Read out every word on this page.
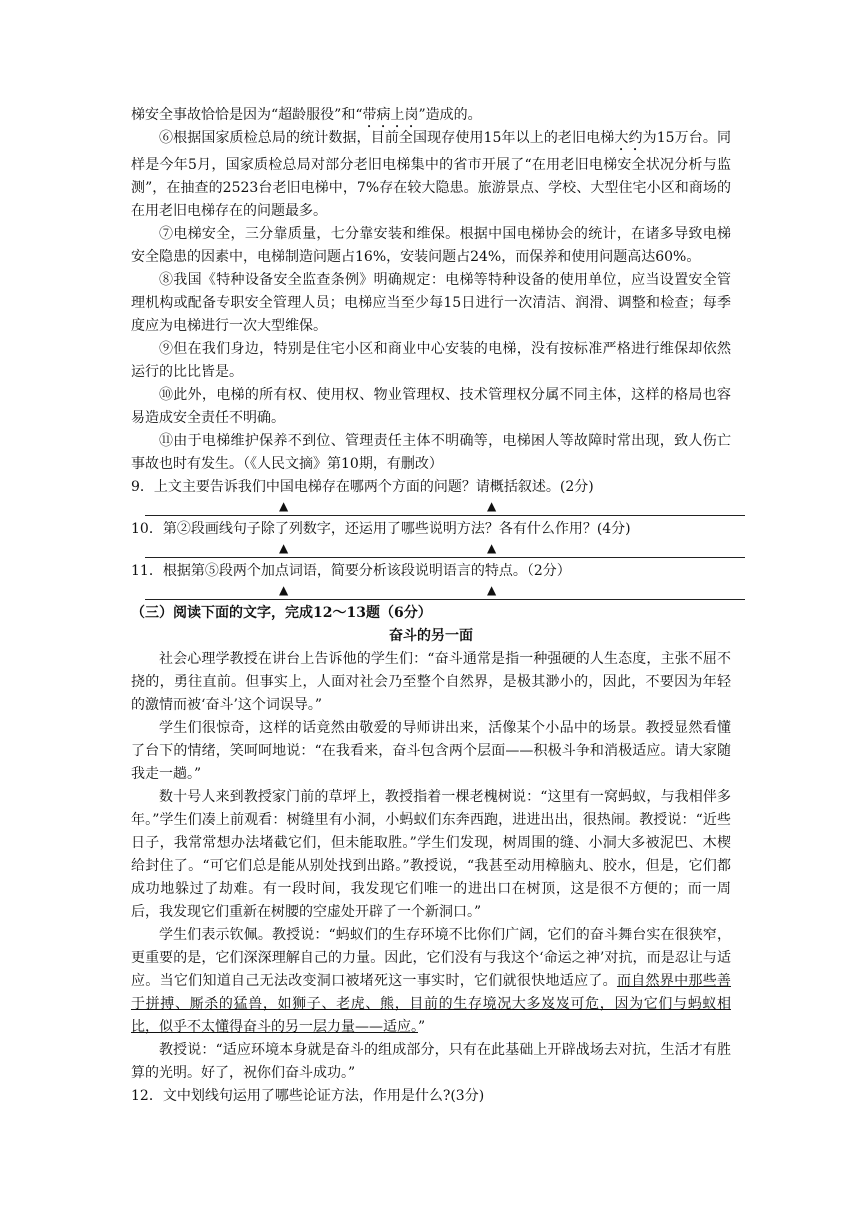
梯安全事故恰恰是因为“超龄服役”和“带病上岗”造成的。

⑥根据国家质检总局的统计数据，目前全国现存使用15年以上的老旧电梯大约为15万台。同样是今年5月，国家质检总局对部分老旧电梯集中的省市开展了“在用老旧电梯安全状况分析与监测”，在抽查的2523台老旧电梯中，7%存在较大隐患。旅游景点、学校、大型住宅小区和商场的在用老旧电梯存在的问题最多。

⑦电梯安全，三分靠质量，七分靠安装和维保。根据中国电梯协会的统计，在诸多导致电梯安全隐患的因素中，电梯制造问题占16%，安装问题占24%，而保养和使用问题高达60%。

⑧我国《特种设备安全监查条例》明确规定：电梯等特种设备的使用单位，应当设置安全管理机构或配备专职安全管理人员；电梯应当至少每15日进行一次清洁、润滑、调整和检查；每季度应为电梯进行一次大型维保。

⑨但在我们身边，特别是住宅小区和商业中心安装的电梯，没有按标准严格进行维保却依然运行的比比皆是。

⑩此外，电梯的所有权、使用权、物业管理权、技术管理权分属不同主体，这样的格局也容易造成安全责任不明确。

⑪由于电梯维护保养不到位、管理责任主体不明确等，电梯困人等故障时常出现，致人伤亡事故也时有发生。（《人民文摘》第10期，有删改）

9．上文主要告诉我们中国电梯存在哪两个方面的问题？请概括叙述。(2分)

▲	▲

10．第②段画线句子除了列数字，还运用了哪些说明方法？各有什么作用？(4分)

▲	▲

11．根据第⑤段两个加点词语，简要分析该段说明语言的特点。（2分）

▲	▲

（三）阅读下面的文字，完成12～13题（6分）

奋斗的另一面

社会心理学教授在讲台上告诉他的学生们：“奋斗通常是指一种强硬的人生态度，主张不屈不挠的，勇往直前。但事实上，人面对社会乃至整个自然界，是极其渺小的，因此，不要因为年轻的激情而被‘奋斗’这个词误导。”

学生们很惊奇，这样的话竟然由敬爱的导师讲出来，活像某个小品中的场景。教授显然看懂了台下的情绪，笑呵呵地说：“在我看来，奋斗包含两个层面——积极斗争和消极适应。请大家随我走一趟。”

数十号人来到教授家门前的草坪上，教授指着一棵老槐树说：“这里有一窝蚂蚁，与我相伴多年。”学生们凑上前观看：树缝里有小洞，小蚂蚁们东奔西跑，进进出出，很热闹。教授说：“近些日子，我常常想办法堵截它们，但未能取胜。”学生们发现，树周围的缝、小洞大多被泥巴、木楔给封住了。“可它们总是能从别处找到出路。”教授说，“我甚至动用樟脑丸、胶水，但是，它们都成功地躲过了劫难。有一段时间，我发现它们唯一的进出口在树顶，这是很不方便的；而一周后，我发现它们重新在树腰的空虚处开辟了一个新洞口。”

学生们表示钦佩。教授说：“蚂蚁们的生存环境不比你们广阔，它们的奋斗舞台实在很狭窄，更重要的是，它们深深理解自己的力量。因此，它们没有与我这个‘命运之神’对抗，而是忍让与适应。当它们知道自己无法改变洞口被堵死这一事实时，它们就很快地适应了。而自然界中那些善于拼搏、厮杀的猛兽，如狮子、老虎、熊，目前的生存境况大多岌岌可危，因为它们与蚂蚁相比，似乎不太懂得奋斗的另一层力量——适应。”

教授说：“适应环境本身就是奋斗的组成部分，只有在此基础上开辟战场去对抗，生活才有胜算的光明。好了，祝你们奋斗成功。”

12．文中划线句运用了哪些论证方法，作用是什么?(3分)
